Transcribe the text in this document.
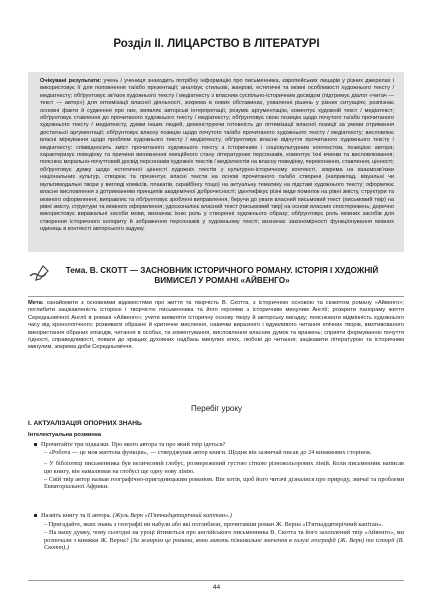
Розділ ІІ. ЛИЦАРСТВО В ЛІТЕРАТУРІ
Очікувані результати: учень / учениця знаходить потрібну інформацію про письменника, європейських лицарів у різних джерелах і використовує її для поповнення та/або презентації; аналізує стильові, жанрові, естетичні та мовні особливості художнього тексту / медіатексту; обґрунтовує зв'язок художнього тексту / медіатексту з власним суспільно-історичним досвідом (підтримує діалог «читач — текст — автор») для оптимізації власної діяльності, зокрема в нових обставинах, ухваленні рішень у різних ситуаціях; розпізнає основні факти й судження про них, виявляє авторські інтерпретації, розуміє аргументацію, коментує художній текст / медіатекст; обґрунтовує ставлення до прочитаного художнього тексту / медіатексту; обґрунтовує свою позицію щодо почутого та/або прочитаного художнього тексту / медіатексту, думки інших людей, демонструючи готовність до оптимізації власної позиції за умови отримання достатньої аргументації; обґрунтовує власну позицію щодо почутого та/або прочитаного художнього тексту / медіатексту; висловлює власні міркування щодо проблем художнього тексту / медіатексту, обґрунтовує власне відчуття прочитаного художнього тексту / медіатексту; співвідносить зміст прочитаного художнього тексту з історичним і соціокультурним контекстом, позицією автора; характеризує поведінку та причини виникнення емоційного стану літературних персонажів, коментує їхні вчинки та висловлювання; пояснює морально-почуттєвий досвід персонажів художніх текстів / медіатекстів на власну поведінку, переконання, ставлення, цінності; обґрунтовує думку щодо естетичної цінності художніх текстів у культурно-історичному контексті, зокрема на взаємозв'язки національних культур, створює та презентує власні тексти на основі прочитаного та/або створені (наприклад, візуальні чи мультимодальні твори у вигляді коміксів, плакатів, скрайбінгу тощо) на актуальну тематику на підставі художнього тексту; оформлює власне висловлення з дотриманням принципів академічної доброчесності; ідентифікує різні види помилок на рівні змісту, структури та мовного оформлення; виправляє та обґрунтовує зроблені виправлення, беручи до уваги власний письмовий текст (письмовий твір) на рівні змісту, структури та мовного оформлення; удосконалює власний текст (письмовий твір) на основі власних спостережень; доречно використовує виражальні засоби мови, визначає їхню роль у створенні художнього образу; обґрунтовує роль мовних засобів для створення історичного колориту й зображення персонажів у художньому тексті; визначає закономірності функціонування мовних одиниць в контексті авторського задуму.
Тема. В. СКОТТ — ЗАСНОВНИК ІСТОРИЧНОГО РОМАНУ. ІСТОРІЯ І ХУДОЖНІЙ ВИМИСЕЛ У РОМАНІ «АЙВЕНГО»
Мета: ознайомити з основними відомостями про життя та творчість В. Скотта, з історичною основою та сюжетом роману «Айвенго»; поглибити зацікавленість історією і творчістю письменника та його героями з історичним минулим Англії; розкрити панораму життя Середньовічної Англії в романі «Айвенго»; учити виявляти історичну основу твору й авторську вигадку; пояснювати відмінність художнього часу від хронологічного; розвивати образне й критичне мислення, навички виразного і вдумливого читання епічних творів, вмотивованого використання обраних епізодів, читання в особах, та коментування, висловлення власних думок та вражень; сприяти формуванню почуття гідності, справедливості, поваги до кращих духовних надбань минулих епох, любові до читання; зацікавити літературою та історичним минулим, зокрема доби Середньовіччя.
Перебіг уроку
I. АКТУАЛІЗАЦІЯ ОПОРНИХ ЗНАНЬ
Інтелектуальна розминка
Прочитайте три підказки. Про якого автора та про який твір ідеться?
– «Робота — це моя життєва функція», — стверджував автор книги. Щодня він зазвичай писав до 24 книжкових сторінок.
– У бібліотеці письменника був величезний глобус, розмережений густою сіткою різнокольорових ліній. Коли письменник написав цю книгу, він намалював на глобусі ще одну нову лінію.
– Свій твір автор назвав географічно-пригодницьким романом. Він хотів, щоб його читачі дізналися про природу, звичаї та проблеми Екваторіальної Африки.
Назвіть книгу та її автора. (Жуль Верн «П'ятнадцятирічний капітан».)
– Пригадайте, яких знань з географії ви набули або які поглибили, прочитавши роман Ж. Верна «П'ятнадцятирічний капітан».
– На вашу думку, чому сьогодні на уроці йтиметься про англійського письменника В. Скотта та його захоплений твір «Айвенго», ми розпочали з книжки Ж. Верна? (За жанром це романи, вони мають пізнавальне значення в галузі географії (Ж. Верн) та історії (В. Скотт).)
44
